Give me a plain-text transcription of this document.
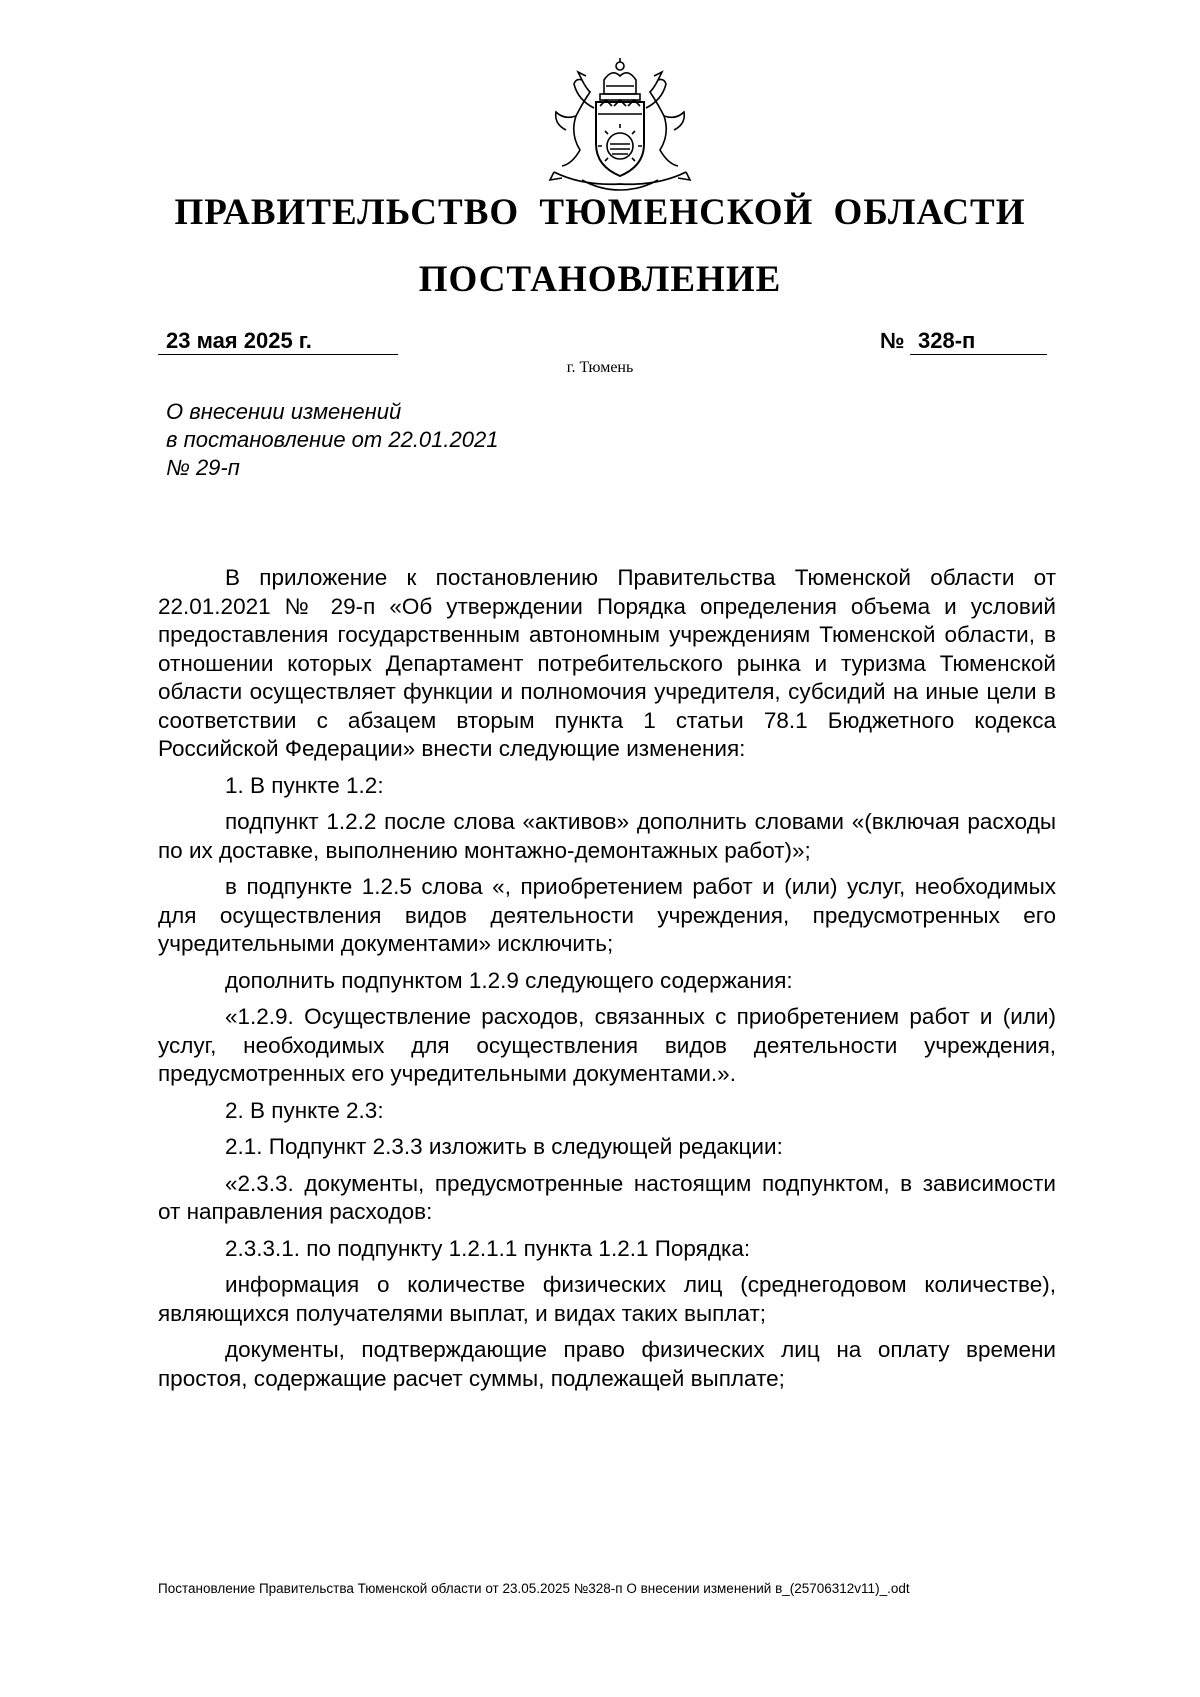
ПРАВИТЕЛЬСТВО ТЮМЕНСКОЙ ОБЛАСТИ
ПОСТАНОВЛЕНИЕ
23 мая 2025 г.	№ 328-п
г. Тюмень
О внесении изменений
в постановление от 22.01.2021
№ 29-п

В приложение к постановлению Правительства Тюменской области от 22.01.2021 № 29-п «Об утверждении Порядка определения объема и условий предоставления государственным автономным учреждениям Тюменской области, в отношении которых Департамент потребительского рынка и туризма Тюменской области осуществляет функции и полномочия учредителя, субсидий на иные цели в соответствии с абзацем вторым пункта 1 статьи 78.1 Бюджетного кодекса Российской Федерации» внести следующие изменения:

1. В пункте 1.2:

подпункт 1.2.2 после слова «активов» дополнить словами «(включая расходы по их доставке, выполнению монтажно-демонтажных работ)»;

в подпункте 1.2.5 слова «, приобретением работ и (или) услуг, необходимых для осуществления видов деятельности учреждения, предусмотренных его учредительными документами» исключить;

дополнить подпунктом 1.2.9 следующего содержания:

«1.2.9. Осуществление расходов, связанных с приобретением работ и (или) услуг, необходимых для осуществления видов деятельности учреждения, предусмотренных его учредительными документами.».

2. В пункте 2.3:

2.1. Подпункт 2.3.3 изложить в следующей редакции:

«2.3.3. документы, предусмотренные настоящим подпунктом, в зависимости от направления расходов:

2.3.3.1. по подпункту 1.2.1.1 пункта 1.2.1 Порядка:

информация о количестве физических лиц (среднегодовом количестве), являющихся получателями выплат, и видах таких выплат;

документы, подтверждающие право физических лиц на оплату времени простоя, содержащие расчет суммы, подлежащей выплате;

Постановление Правительства Тюменской области от 23.05.2025 №328-п О внесении изменений в_(25706312v11)_.odt
